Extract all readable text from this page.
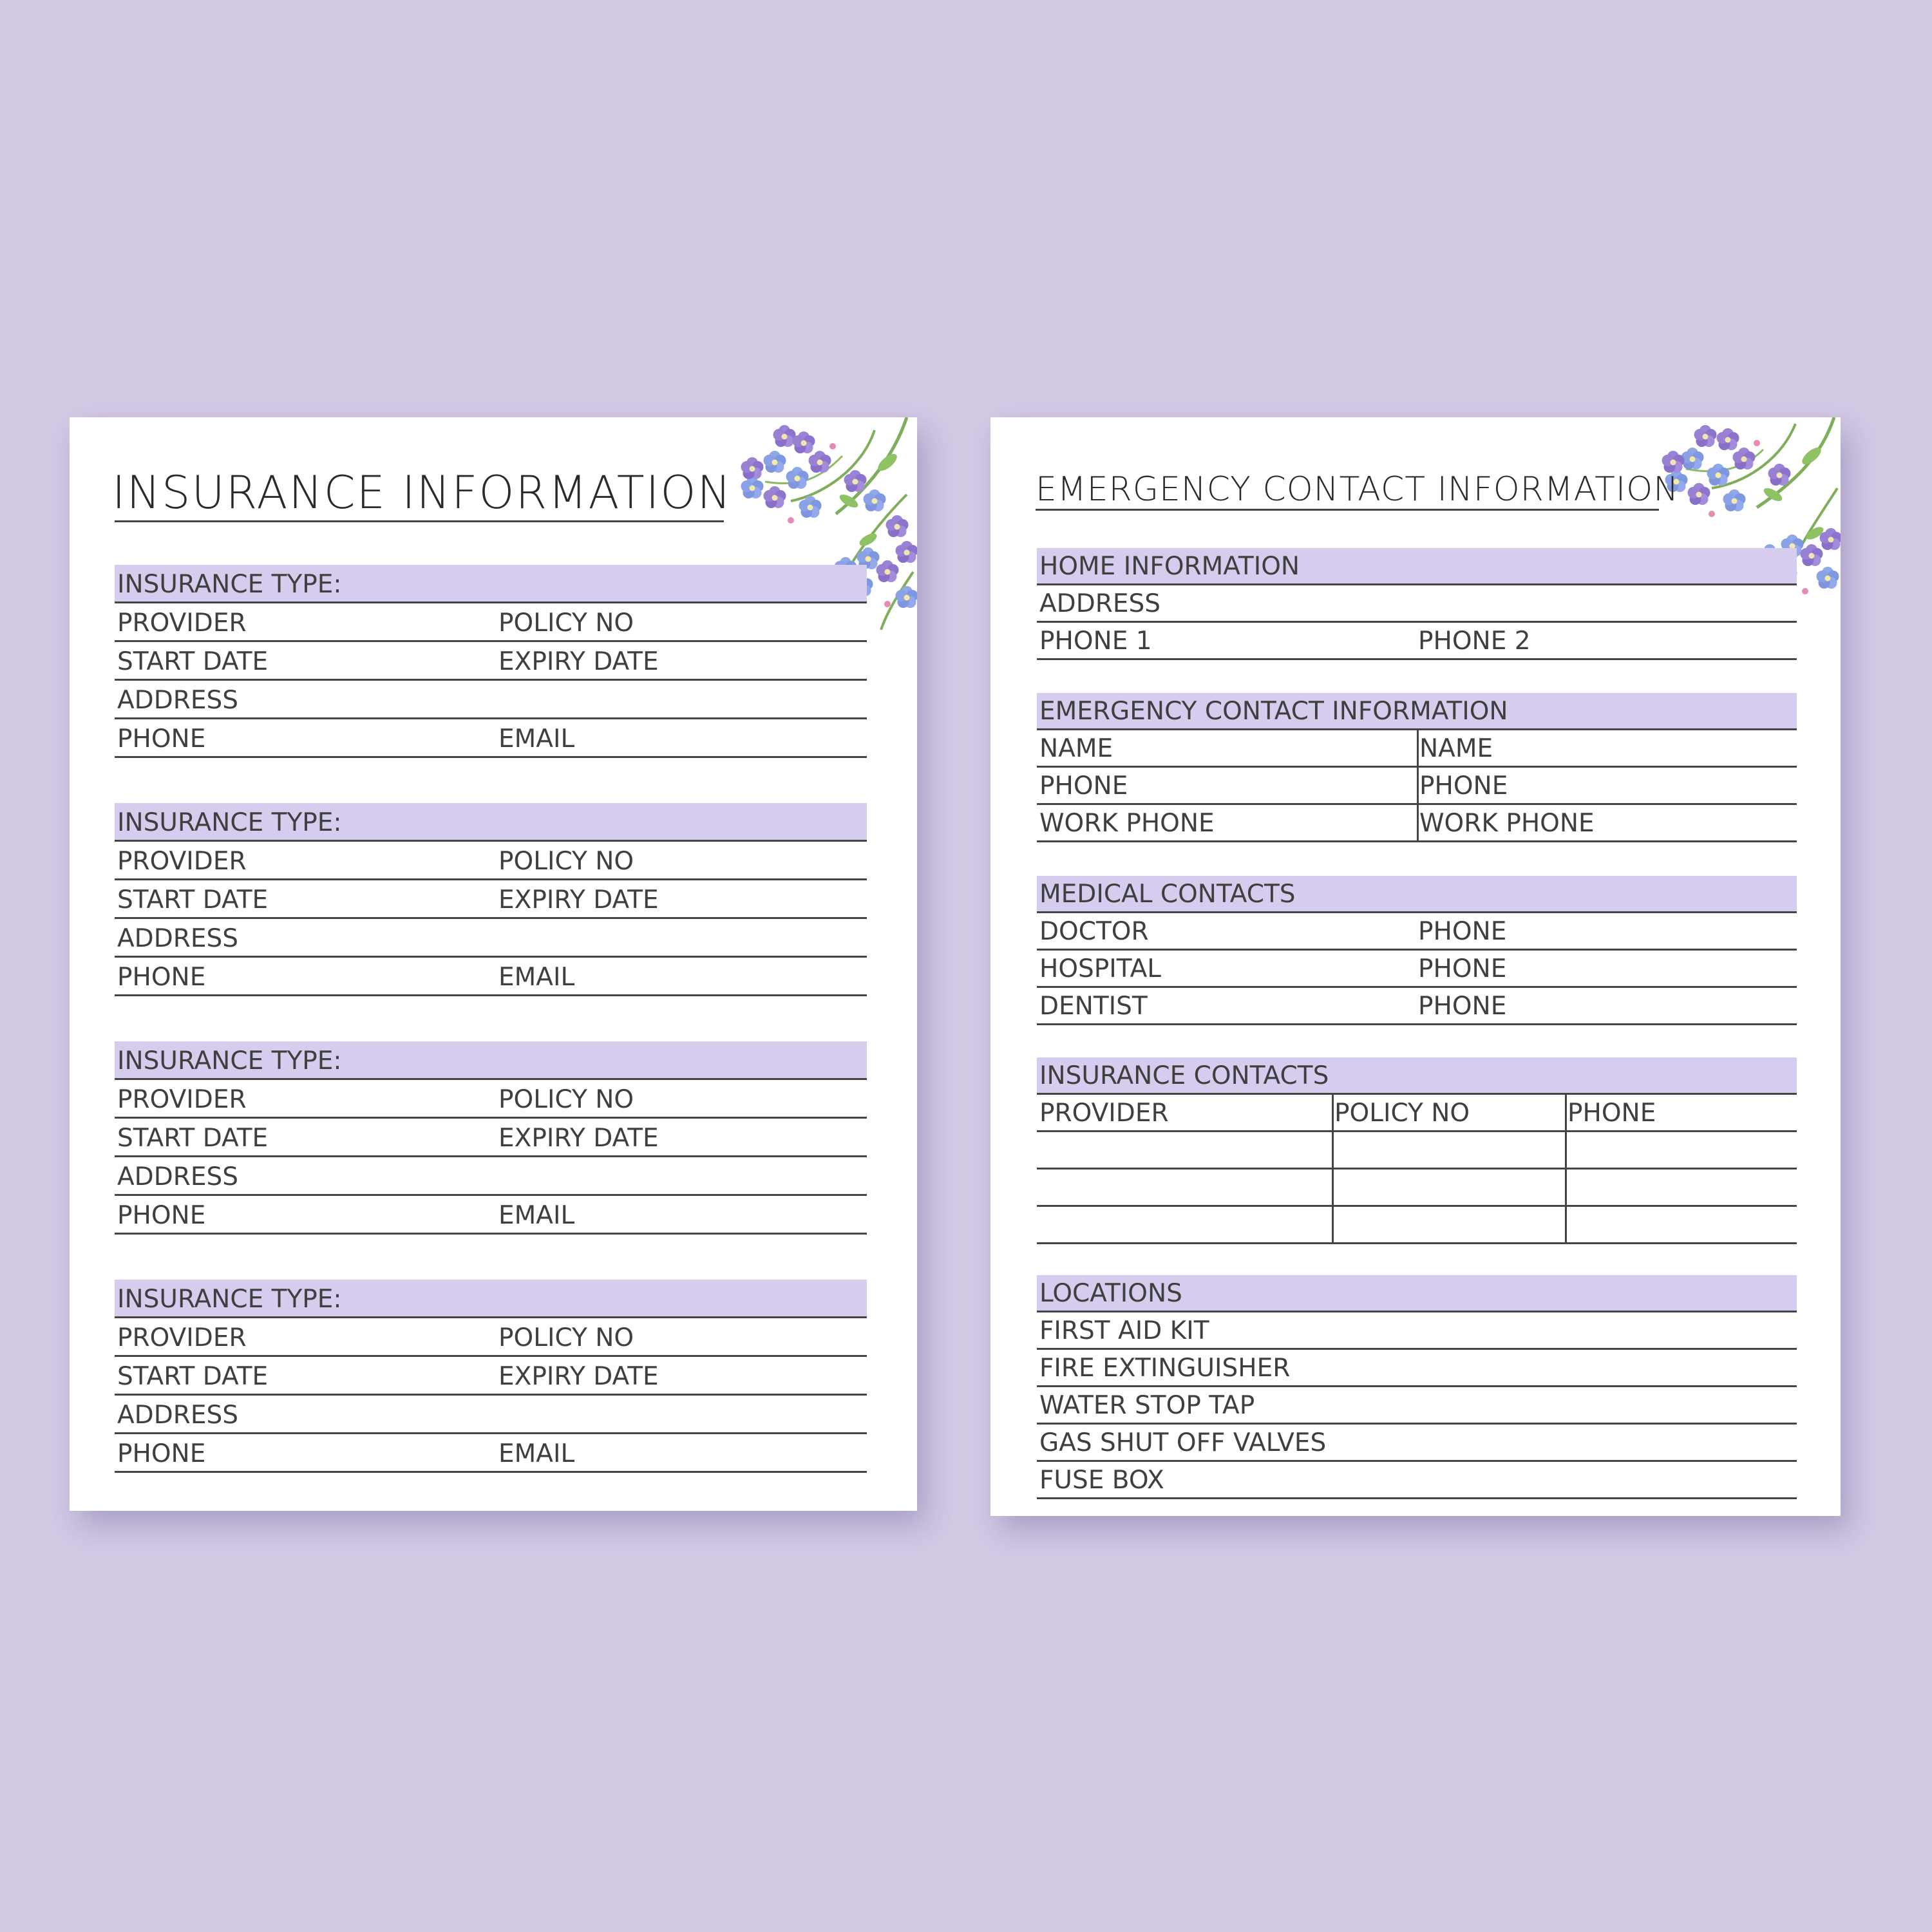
INSURANCE INFORMATION
INSURANCE TYPE:
PROVIDER	POLICY NO
START DATE	EXPIRY DATE
ADDRESS
PHONE	EMAIL
INSURANCE TYPE:
PROVIDER	POLICY NO
START DATE	EXPIRY DATE
ADDRESS
PHONE	EMAIL
INSURANCE TYPE:
PROVIDER	POLICY NO
START DATE	EXPIRY DATE
ADDRESS
PHONE	EMAIL
INSURANCE TYPE:
PROVIDER	POLICY NO
START DATE	EXPIRY DATE
ADDRESS
PHONE	EMAIL
EMERGENCY CONTACT INFORMATION
HOME INFORMATION
ADDRESS
PHONE 1	PHONE 2
EMERGENCY CONTACT INFORMATION
NAME	NAME
PHONE	PHONE
WORK PHONE	WORK PHONE
MEDICAL CONTACTS
DOCTOR	PHONE
HOSPITAL	PHONE
DENTIST	PHONE
INSURANCE CONTACTS
PROVIDER	POLICY NO	PHONE
LOCATIONS
FIRST AID KIT
FIRE EXTINGUISHER
WATER STOP TAP
GAS SHUT OFF VALVES
FUSE BOX
